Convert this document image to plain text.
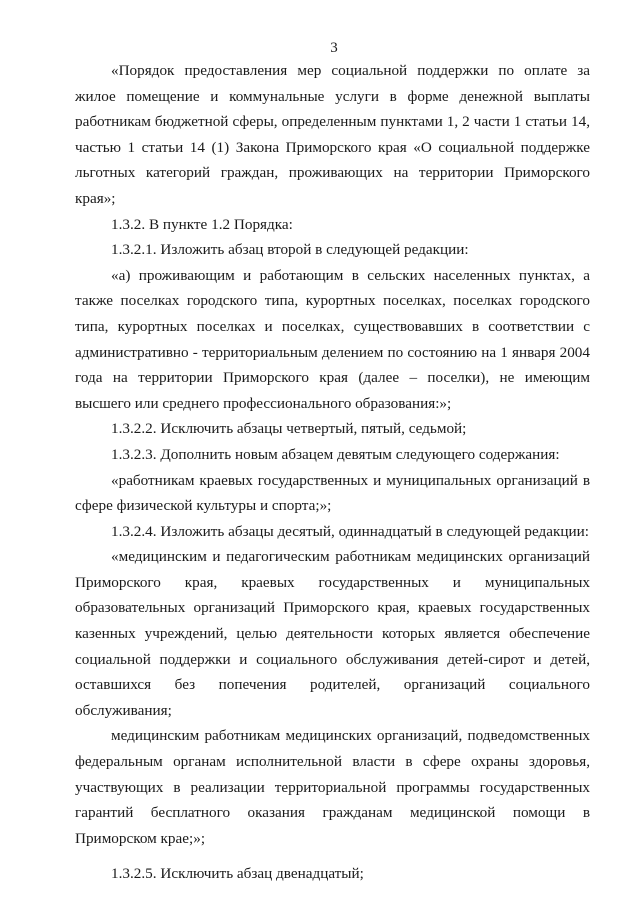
3

«Порядок предоставления мер социальной поддержки по оплате за жилое помещение и коммунальные услуги в форме денежной выплаты работникам бюджетной сферы, определенным пунктами 1, 2 части 1 статьи 14, частью 1 статьи 14 (1) Закона Приморского края «О социальной поддержке льготных категорий граждан, проживающих на территории Приморского края»;

1.3.2. В пункте 1.2 Порядка:

1.3.2.1. Изложить абзац второй в следующей редакции:

«а) проживающим и работающим в сельских населенных пунктах, а также поселках городского типа, курортных поселках, поселках городского типа, курортных поселках и поселках, существовавших в соответствии с административно - территориальным делением по состоянию на 1 января 2004 года на территории Приморского края (далее – поселки), не имеющим высшего или среднего профессионального образования:»;

1.3.2.2. Исключить абзацы четвертый, пятый, седьмой;

1.3.2.3. Дополнить новым абзацем девятым следующего содержания:

«работникам краевых государственных и муниципальных организаций в сфере физической культуры и спорта;»;

1.3.2.4. Изложить абзацы десятый, одиннадцатый в следующей редакции:

«медицинским и педагогическим работникам медицинских организаций Приморского края, краевых государственных и муниципальных образовательных организаций Приморского края, краевых государственных казенных учреждений, целью деятельности которых является обеспечение социальной поддержки и социального обслуживания детей-сирот и детей, оставшихся без попечения родителей, организаций социального обслуживания;

медицинским работникам медицинских организаций, подведомственных федеральным органам исполнительной власти в сфере охраны здоровья, участвующих в реализации территориальной программы государственных гарантий бесплатного оказания гражданам медицинской помощи в Приморском крае;»;

1.3.2.5. Исключить абзац двенадцатый;
